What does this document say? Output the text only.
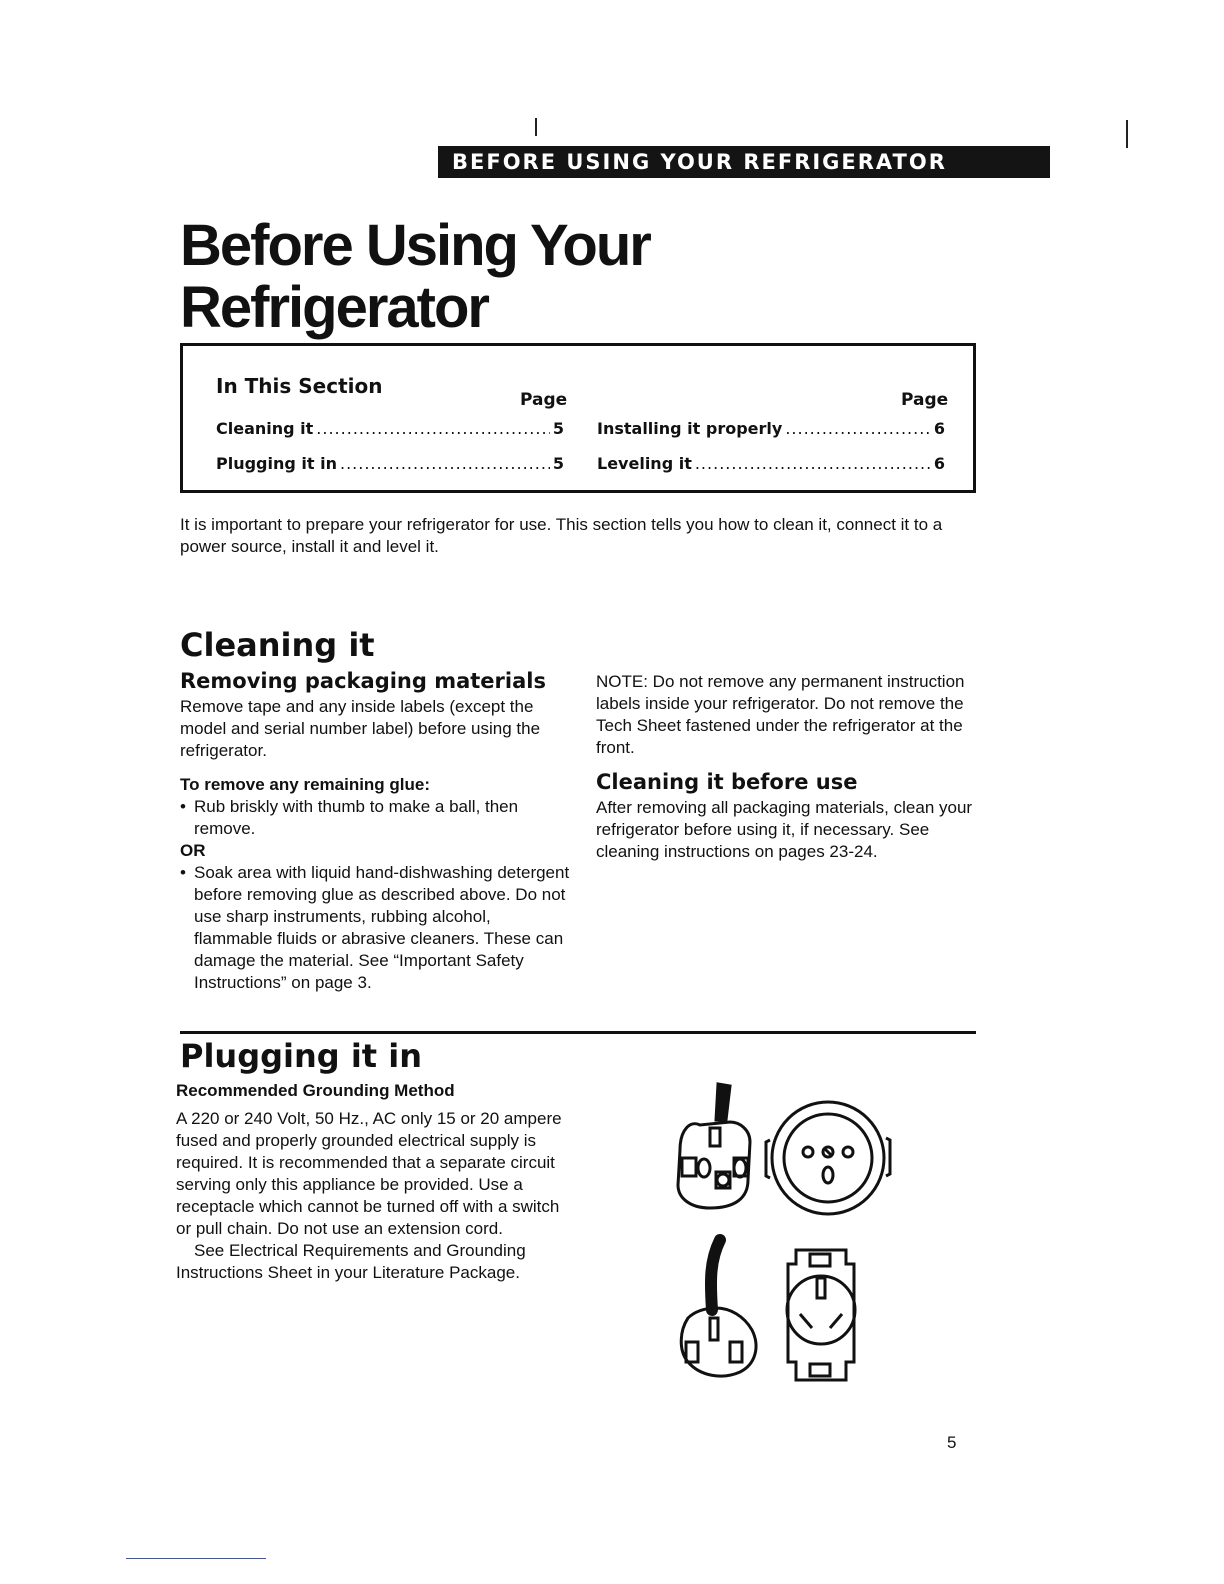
BEFORE USING YOUR REFRIGERATOR
Before Using Your Refrigerator
In This Section
Page	Page
Cleaning it .....	5
Plugging it in .....	5
Installing it properly .....	6
Leveling it .....	6
It is important to prepare your refrigerator for use. This section tells you how to clean it, connect it to a power source, install it and level it.
Cleaning it
Removing packaging materials
Remove tape and any inside labels (except the model and serial number label) before using the refrigerator.
To remove any remaining glue:
• Rub briskly with thumb to make a ball, then remove.
OR
• Soak area with liquid hand-dishwashing detergent before removing glue as described above. Do not use sharp instruments, rubbing alcohol, flammable fluids or abrasive cleaners. These can damage the material. See “Important Safety Instructions” on page 3.
NOTE: Do not remove any permanent instruction labels inside your refrigerator. Do not remove the Tech Sheet fastened under the refrigerator at the front.
Cleaning it before use
After removing all packaging materials, clean your refrigerator before using it, if necessary. See cleaning instructions on pages 23-24.
Plugging it in
Recommended Grounding Method
A 220 or 240 Volt, 50 Hz., AC only 15 or 20 ampere fused and properly grounded electrical supply is required. It is recommended that a separate circuit serving only this appliance be provided. Use a receptacle which cannot be turned off with a switch or pull chain. Do not use an extension cord.
See Electrical Requirements and Grounding Instructions Sheet in your Literature Package.
5
